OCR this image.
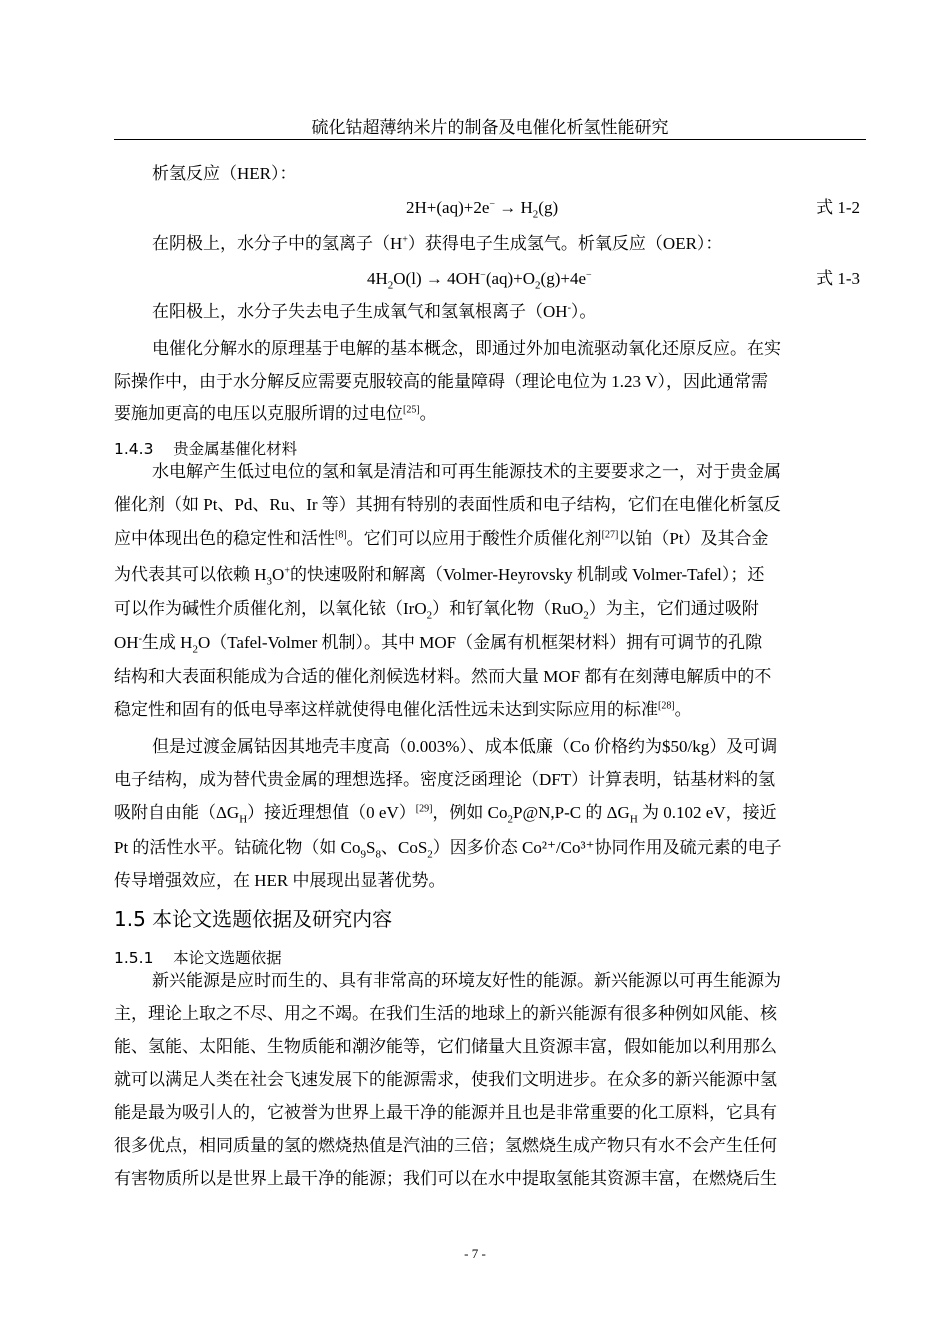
硫化钴超薄纳米片的制备及电催化析氢性能研究
析氢反应（HER）：
$2H+(aq)+2e^- \to H_2(g)$	式 1-2
在阴极上，水分子中的氢离子（H+）获得电子生成氢气。析氧反应（OER）：
$4H_2O(l) \to 4OH^-(aq)+O_2(g)+4e^-$	式 1-3
在阳极上，水分子失去电子生成氧气和氢氧根离子（OH-）。
电催化分解水的原理基于电解的基本概念，即通过外加电流驱动氧化还原反应。在实
际操作中，由于水分解反应需要克服较高的能量障碍（理论电位为 1.23 V），因此通常需
要施加更高的电压以克服所谓的过电位[25]。
1.4.3 贵金属基催化材料
水电解产生低过电位的氢和氧是清洁和可再生能源技术的主要要求之一，对于贵金属
催化剂（如 Pt、Pd、Ru、Ir 等）其拥有特别的表面性质和电子结构，它们在电催化析氢反
应中体现出色的稳定性和活性[8]。它们可以应用于酸性介质催化剂[27]以铂（Pt）及其合金
为代表其可以依赖 $H_3O^+$的快速吸附和解离（Volmer-Heyrovsky 机制或 Volmer-Tafel）；还
可以作为碱性介质催化剂，以氧化铱（IrO$_2$）和钌氧化物（RuO$_2$）为主，它们通过吸附
OH-生成 $H_2O(Tafel$-Volmer 机制）。其中 MOF（金属有机框架材料）拥有可调节的孔隙
结构和大表面积能成为合适的催化剂候选材料。然而大量 MOF 都有在刻薄电解质中的不
稳定性和固有的低电导率这样就使得电催化活性远未达到实际应用的标准[28]。
但是过渡金属钴因其地壳丰度高（0.003%）、成本低廉（Co 价格约为$50/kg）及可调
电子结构，成为替代贵金属的理想选择。密度泛函理论（DFT）计算表明，钴基材料的氢
吸附自由能$(\Delta G_H)$接近理想值（0 eV）[29]，例如 $Co_2P@N,P-C$ 的 $\Delta G_H$ 为 0.102 eV，接近
Pt 的活性水平。钴硫化物（如 $Co_9S_8$、CoS$_2$）因多价态 Co²⁺/Co³⁺协同作用及硫元素的电子
传导增强效应，在 HER 中展现出显著优势。
1.5 本论文选题依据及研究内容
1.5.1 本论文选题依据
新兴能源是应时而生的、具有非常高的环境友好性的能源。新兴能源以可再生能源为
主，理论上取之不尽、用之不竭。在我们生活的地球上的新兴能源有很多种例如风能、核
能、氢能、太阳能、生物质能和潮汐能等，它们储量大且资源丰富，假如能加以利用那么
就可以满足人类在社会飞速发展下的能源需求，使我们文明进步。在众多的新兴能源中氢
能是最为吸引人的，它被誉为世界上最干净的能源并且也是非常重要的化工原料，它具有
很多优点，相同质量的氢的燃烧热值是汽油的三倍；氢燃烧生成产物只有水不会产生任何
有害物质所以是世界上最干净的能源；我们可以在水中提取氢能其资源丰富，在燃烧后生
- 7 -
